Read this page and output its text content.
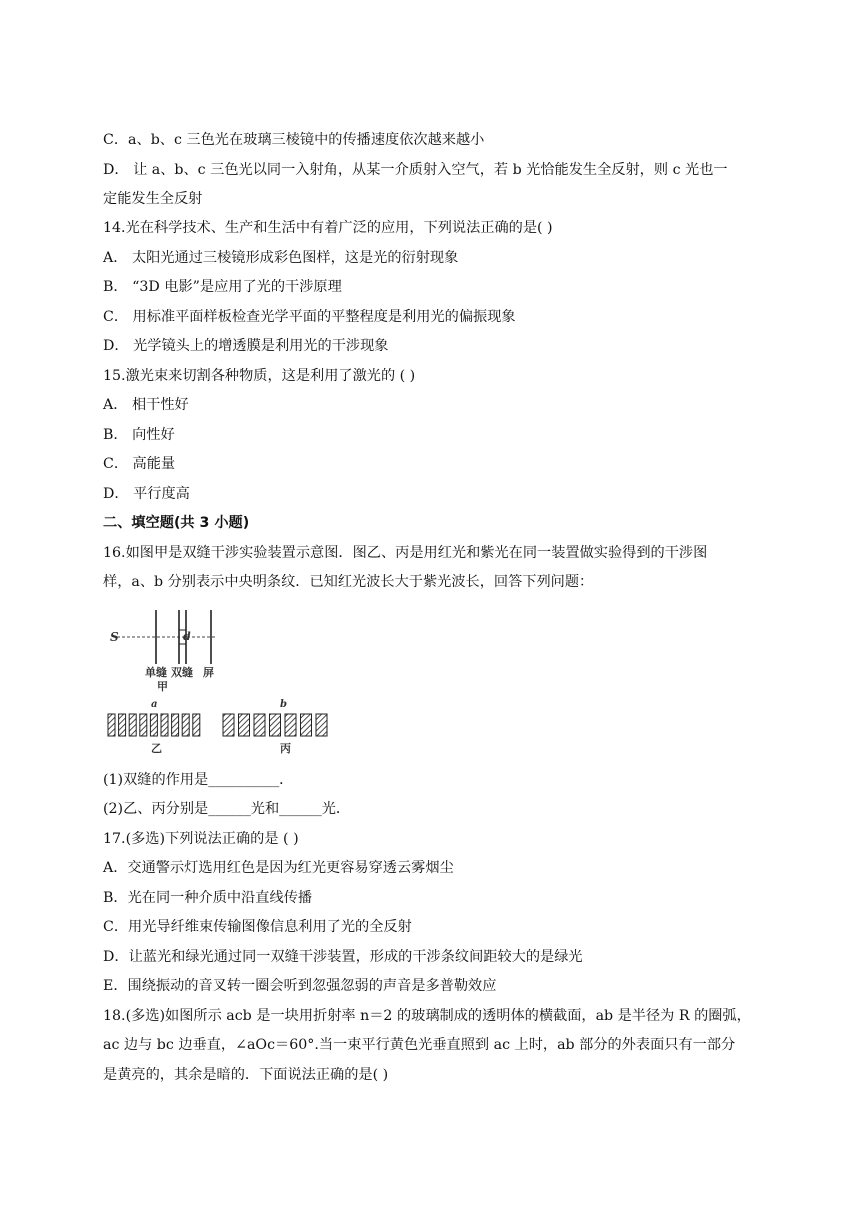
C．a、b、c 三色光在玻璃三棱镜中的传播速度依次越来越小
D． 让 a、b、c 三色光以同一入射角，从某一介质射入空气，若 b 光恰能发生全反射，则 c 光也一
定能发生全反射
14.光在科学技术、生产和生活中有着广泛的应用，下列说法正确的是( )
A． 太阳光通过三棱镜形成彩色图样，这是光的衍射现象
B． “3D 电影”是应用了光的干涉原理
C． 用标准平面样板检查光学平面的平整程度是利用光的偏振现象
D． 光学镜头上的增透膜是利用光的干涉现象
15.激光束来切割各种物质，这是利用了激光的 ( )
A． 相干性好
B． 向性好
C． 高能量
D． 平行度高
二、填空题(共 3 小题)
16.如图甲是双缝干涉实验装置示意图．图乙、丙是用红光和紫光在同一装置做实验得到的干涉图
样，a、b 分别表示中央明条纹．已知红光波长大于紫光波长，回答下列问题：
S	d
单缝 双缝 屏
甲
a
乙
b
丙
(1)双缝的作用是__________．
(2)乙、丙分别是______光和______光．
17.(多选)下列说法正确的是 ( )
A．交通警示灯选用红色是因为红光更容易穿透云雾烟尘
B．光在同一种介质中沿直线传播
C．用光导纤维束传输图像信息利用了光的全反射
D．让蓝光和绿光通过同一双缝干涉装置，形成的干涉条纹间距较大的是绿光
E．围绕振动的音叉转一圈会听到忽强忽弱的声音是多普勒效应
18.(多选)如图所示 acb 是一块用折射率 n＝2 的玻璃制成的透明体的横截面，ab 是半径为 R 的圈弧，
ac 边与 bc 边垂直，∠aOc＝60°.当一束平行黄色光垂直照到 ac 上时，ab 部分的外表面只有一部分
是黄亮的，其余是暗的．下面说法正确的是( )
